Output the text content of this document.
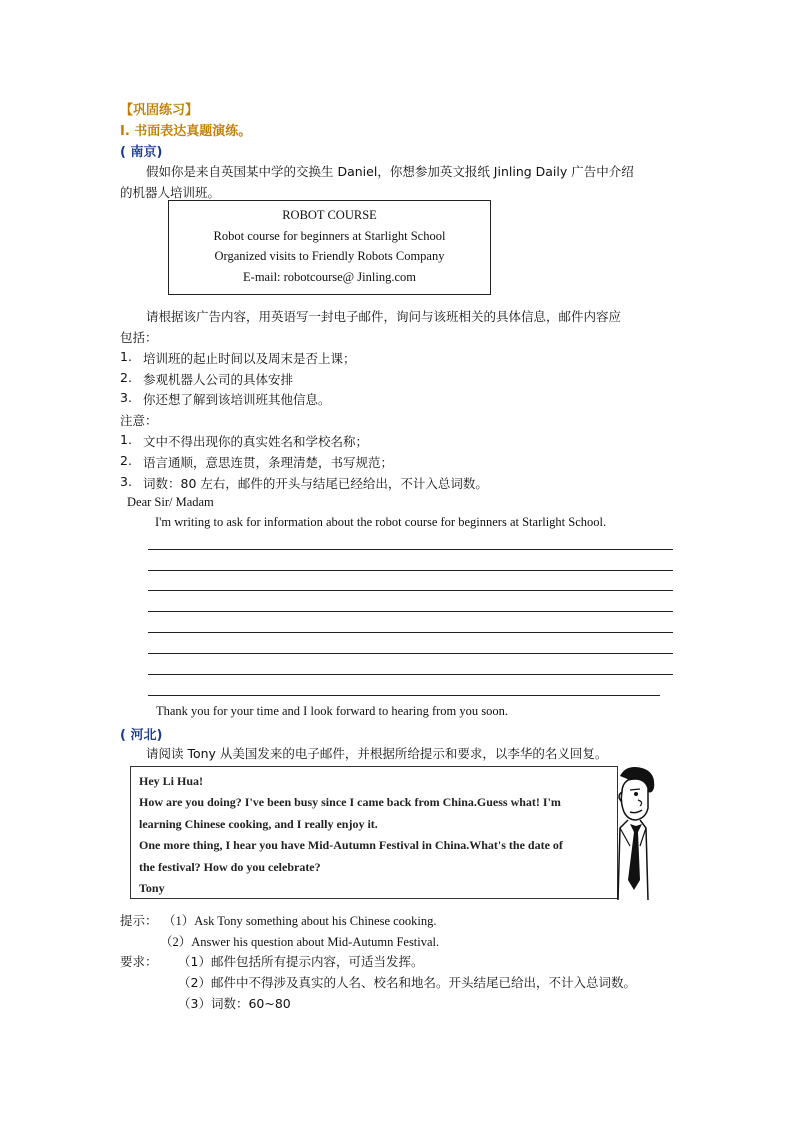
【巩固练习】
I. 书面表达真题演练。
( 南京)
假如你是来自英国某中学的交换生 Daniel，你想参加英文报纸 Jinling Daily 广告中介绍
的机器人培训班。
ROBOT COURSE
Robot course for beginners at Starlight School
Organized visits to Friendly Robots Company
E-mail: robotcourse@ Jinling.com
请根据该广告内容，用英语写一封电子邮件，询问与该班相关的具体信息，邮件内容应
包括：
1. 培训班的起止时间以及周末是否上课；
2. 参观机器人公司的具体安排
3. 你还想了解到该培训班其他信息。
注意：
1. 文中不得出现你的真实姓名和学校名称；
2. 语言通顺，意思连贯，条理清楚，书写规范；
3. 词数：80 左右，邮件的开头与结尾已经给出，不计入总词数。
Dear Sir/ Madam
I'm writing to ask for information about the robot course for beginners at Starlight School.
Thank you for your time and I look forward to hearing from you soon.
( 河北)
请阅读 Tony 从美国发来的电子邮件，并根据所给提示和要求，以李华的名义回复。
Hey Li Hua!
How are you doing? I've been busy since I came back from China.Guess what! I'm
learning Chinese cooking, and I really enjoy it.
One more thing, I hear you have Mid-Autumn Festival in China.What's the date of
the festival? How do you celebrate?
Tony
提示： （1）Ask Tony something about his Chinese cooking.
（2）Answer his question about Mid-Autumn Festival.
要求： （1）邮件包括所有提示内容，可适当发挥。
（2）邮件中不得涉及真实的人名、校名和地名。开头结尾已给出，不计入总词数。
（3）词数：60~80
